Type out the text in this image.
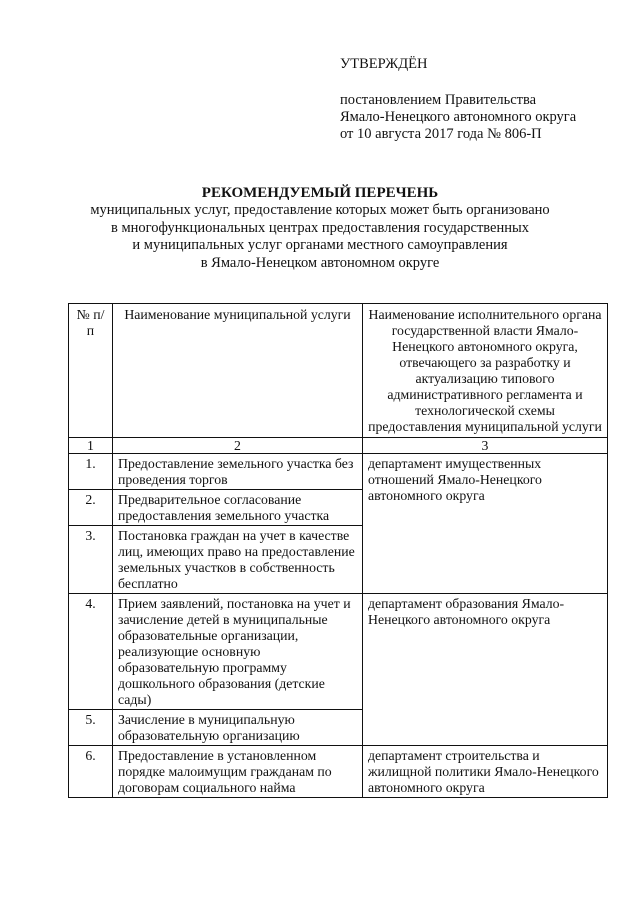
УТВЕРЖДЁН
постановлением Правительства
Ямало-Ненецкого автономного округа
от 10 августа 2017 года № 806-П
РЕКОМЕНДУЕМЫЙ ПЕРЕЧЕНЬ
муниципальных услуг, предоставление которых может быть организовано
в многофункциональных центрах предоставления государственных
и муниципальных услуг органами местного самоуправления
в Ямало-Ненецком автономном округе
№ п/п	Наименование муниципальной услуги	Наименование исполнительного органа государственной власти Ямало-Ненецкого автономного округа, отвечающего за разработку и актуализацию типового административного регламента и технологической схемы предоставления муниципальной услуги
1	2	3
1.	Предоставление земельного участка без проведения торгов	департамент имущественных отношений Ямало-Ненецкого автономного округа
2.	Предварительное согласование предоставления земельного участка	
3.	Постановка граждан на учет в качестве лиц, имеющих право на предоставление земельных участков в собственность бесплатно	
4.	Прием заявлений, постановка на учет и зачисление детей в муниципальные образовательные организации, реализующие основную образовательную программу дошкольного образования (детские сады)	департамент образования Ямало-Ненецкого автономного округа
5.	Зачисление в муниципальную образовательную организацию	
6.	Предоставление в установленном порядке малоимущим гражданам по договорам социального найма	департамент строительства и жилищной политики Ямало-Ненецкого автономного округа
